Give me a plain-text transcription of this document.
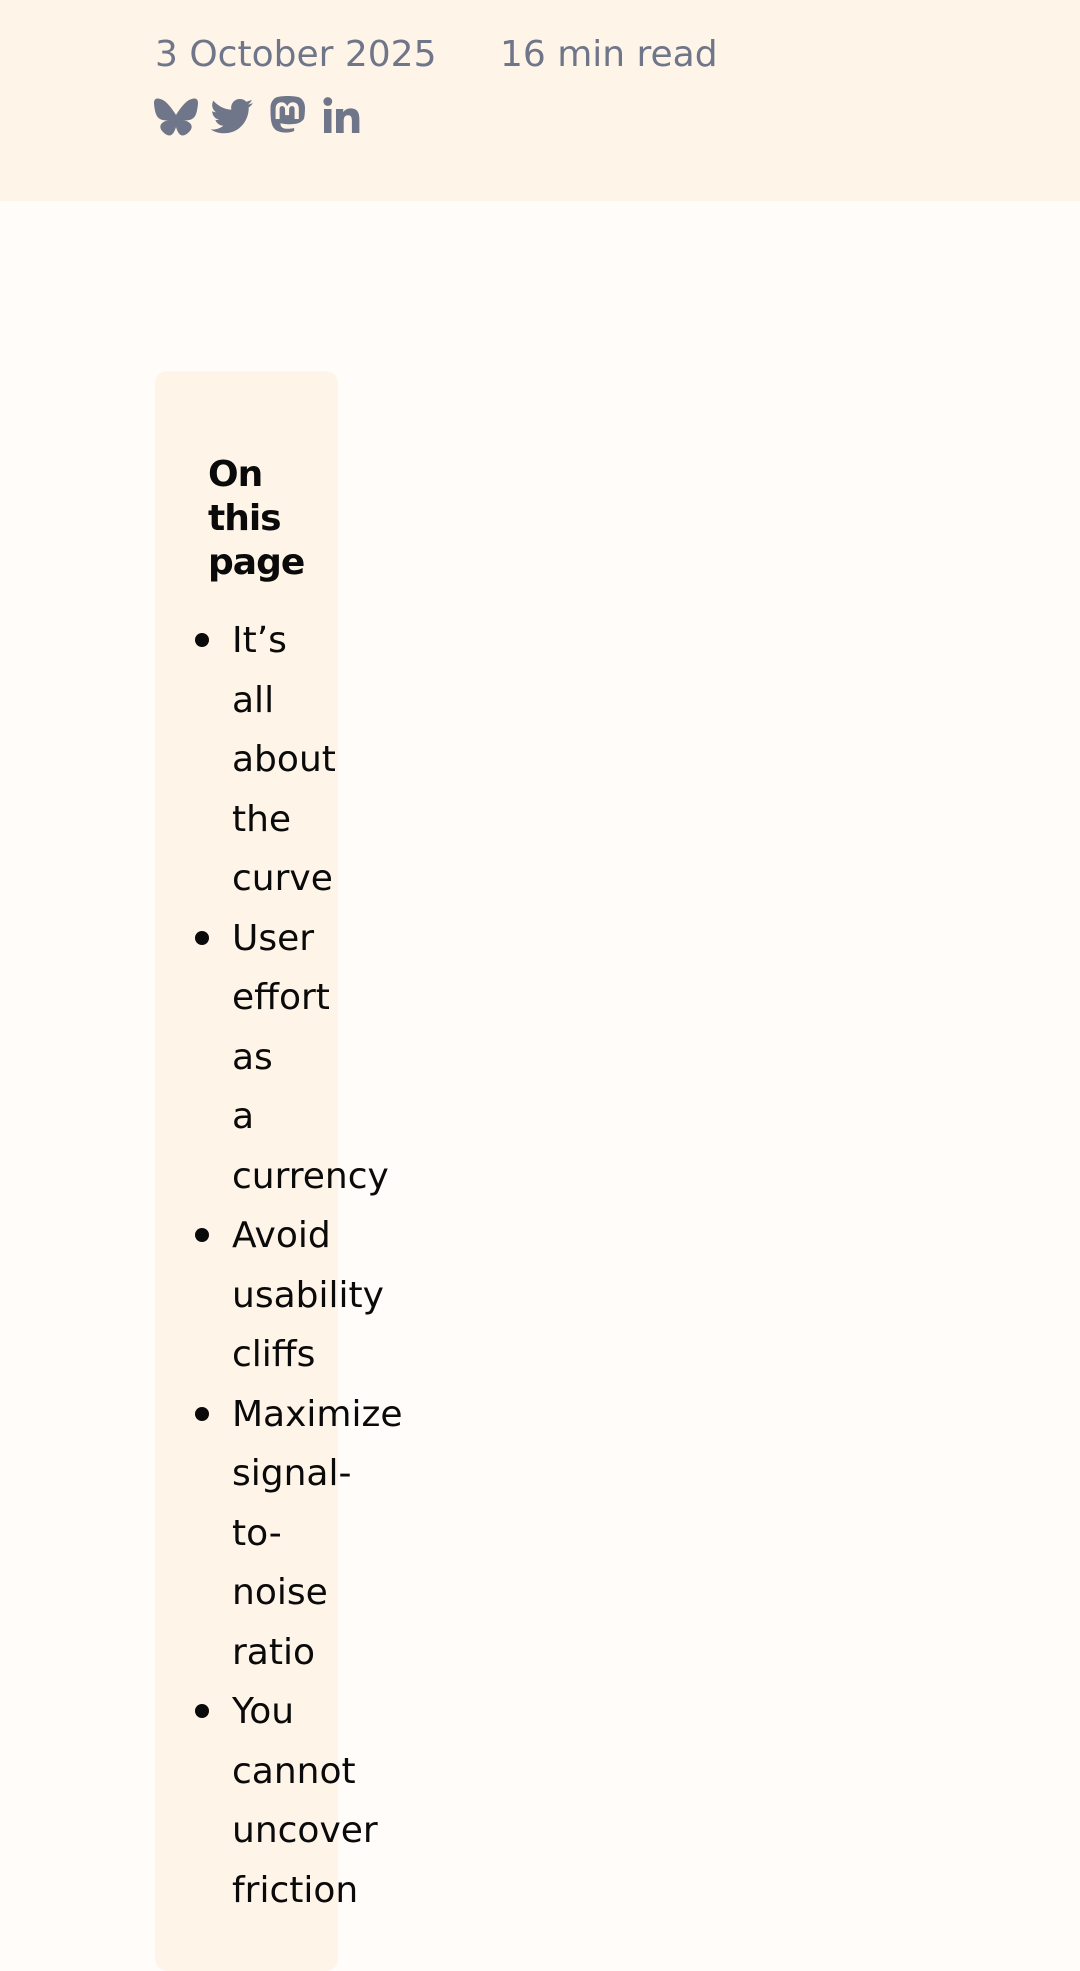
3 October 2025 16 min read
On this page
It’s
all
about
the
curve
User
effort
as
a
currency
Avoid
usability
cliffs
Maximize
signal-
to-
noise
ratio
You
cannot
uncover
friction
